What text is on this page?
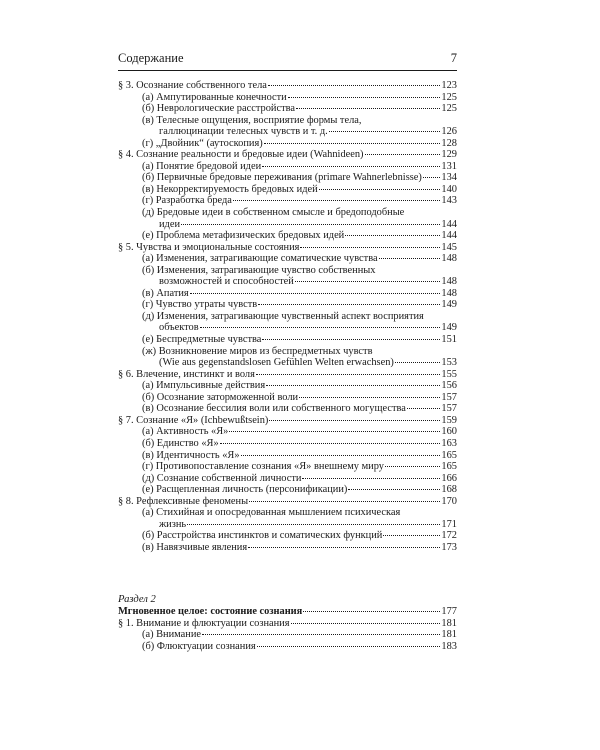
Содержание	7
§ 3. Осознание собственного тела	123
(а) Ампутированные конечности	125
(б) Неврологические расстройства	125
(в) Телесные ощущения, восприятие формы тела,
галлюцинации телесных чувств и т. д.	126
(г) „Двойник“ (аутоскопия)	128
§ 4. Сознание реальности и бредовые идеи (Wahnideen)	129
(а) Понятие бредовой идеи	131
(б) Первичные бредовые переживания (primare Wahnerlebnisse) 134
(в) Некорректируемость бредовых идей	140
(г) Разработка бреда	143
(д) Бредовые идеи в собственном смысле и бредоподобные
идеи	144
(е) Проблема метафизических бредовых идей	144
§ 5. Чувства и эмоциональные состояния	145
(а) Изменения, затрагивающие соматические чувства	148
(б) Изменения, затрагивающие чувство собственных
возможностей и способностей	148
(в) Апатия	148
(г) Чувство утраты чувств	149
(д) Изменения, затрагивающие чувственный аспект восприятия
объектов	149
(е) Беспредметные чувства	151
(ж) Возникновение миров из беспредметных чувств
(Wie aus gegenstandslosen Gefühlen Welten erwachsen)	153
§ 6. Влечение, инстинкт и воля	155
(а) Импульсивные действия	156
(б) Осознание заторможенной воли	157
(в) Осознание бессилия воли или собственного могущества	157
§ 7. Сознание «Я» (Ichbewußtsein)	159
(а) Активность «Я»	160
(б) Единство «Я»	163
(в) Идентичность «Я»	165
(г) Противопоставление сознания «Я» внешнему миру	165
(д) Сознание собственной личности	166
(е) Расщепленная личность (персонификации)	168
§ 8. Рефлексивные феномены	170
(а) Стихийная и опосредованная мышлением психическая
жизнь	171
(б) Расстройства инстинктов и соматических функций	172
(в) Навязчивые явления	173
Раздел 2
Мгновенное целое: состояние сознания	177
§ 1. Внимание и флюктуации сознания	181
(а) Внимание	181
(б) Флюктуации сознания	183
